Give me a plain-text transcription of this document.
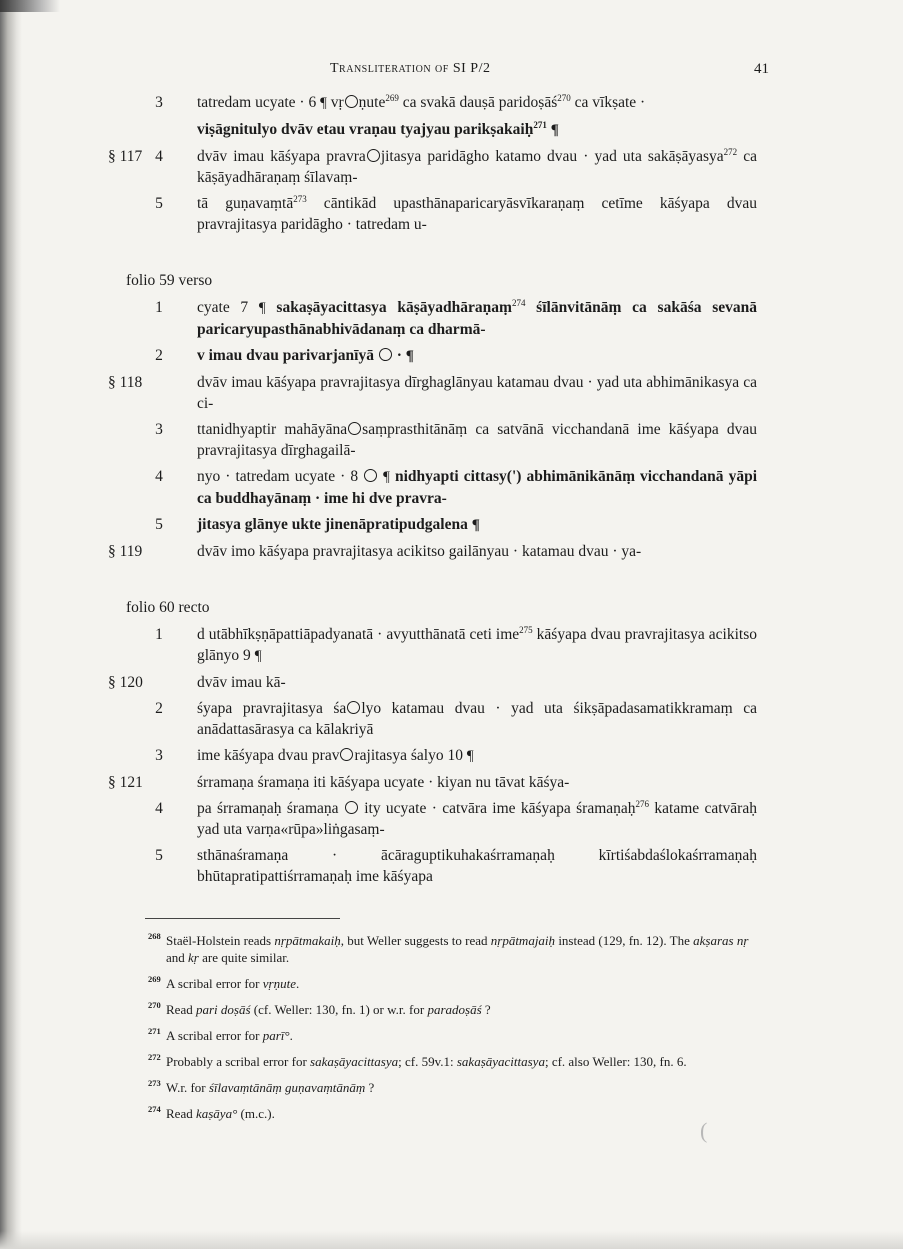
Transliteration of SI P/2	41
3 tatredam ucyate · 6 ¶ vṛ ṇute$^{269}$ ca svakā dauṣā paridoṣāś$^{270}$ ca vīkṣate ·
viṣāgnitulyo dvāv etau vraṇau tyajyau parikṣakaiḥ$^{271}$ ¶
§ 117 4 dvāv imau kāśyapa pravra jitasya paridāgho katamo dvau · yad uta sakāṣāyasya$^{272}$ ca kāṣāyadhāraṇaṃ śīlavaṃ-
5 tā guṇavaṃtā$^{273}$ cāntikād upasthānaparicaryāsvīkaraṇaṃ cetīme kāśyapa dvau pravrajitasya paridāgho · tatredam u-
folio 59 verso
1 cyate 7 ¶ sakaṣāyacittasya kāṣāyadhāraṇaṃ$^{274}$ śīlānvitānāṃ ca sakāśa sevanā paricaryupasthānabhivādanaṃ ca dharmā-
2 v imau dvau parivarjanīyā  · ¶
§ 118	dvāv imau kāśyapa pravrajitasya dīrghaglānyau katamau dvau · yad uta abhimānikasya ca ci-
3 ttanidhyaptir mahāyāna saṃprasthitānāṃ ca satvānā vicchandanā ime kāśyapa dvau pravrajitasya dīrghagailā-
4 nyo · tatredam ucyate · 8  ¶ nidhyapti cittasy(') abhimānikānāṃ vicchandanā yāpi ca buddhayānaṃ · ime hi dve pravra-
5 jitasya glānye ukte jinenāpratipudgalena ¶
§ 119	dvāv imo kāśyapa pravrajitasya acikitso gailānyau · katamau dvau · ya-
folio 60 recto
1 d utābhīkṣṇāpattiāpadyanatā · avyutthānatā ceti ime$^{275}$ kāśyapa dvau pravrajitasya acikitso glānyo 9 ¶
§ 120	dvāv imau kā-
2 śyapa pravrajitasya śa lyo katamau dvau · yad uta śikṣāpadasamatikkramaṃ ca anādattasārasya ca kālakriyā
3 ime kāśyapa dvau prav rajitasya śalyo 10 ¶
§ 121	śrramaṇa śramaṇa iti kāśyapa ucyate · kiyan nu tāvat kāśya-
4 pa śrramaṇaḥ śramaṇa  ity ucyate · catvāra ime kāśyapa śramaṇaḥ$^{276}$ katame catvāraḥ yad uta varṇa«rūpa»liṅgasaṃ-
5 sthānaśramaṇa · ācāraguptikuhakaśrramaṇaḥ kīrtiśabdaślokaśrramaṇaḥ bhūtapratipattiśrramaṇaḥ ime kāśyapa
268 Staël-Holstein reads nṛpātmakaiḥ, but Weller suggests to read nṛpātmajaiḥ instead (129, fn. 12). The akṣaras nṛ and kṛ are quite similar.
269 A scribal error for vṛṇute.
270 Read pari doṣāś (cf. Weller: 130, fn. 1) or w.r. for paradoṣāś ?
271 A scribal error for parī°.
272 Probably a scribal error for sakaṣāyacittasya; cf. 59v.1: sakaṣāyacittasya; cf. also Weller: 130, fn. 6.
273 W.r. for śīlavaṃtānāṃ guṇavaṃtānāṃ ?
274 Read kaṣāya° (m.c.).
(
